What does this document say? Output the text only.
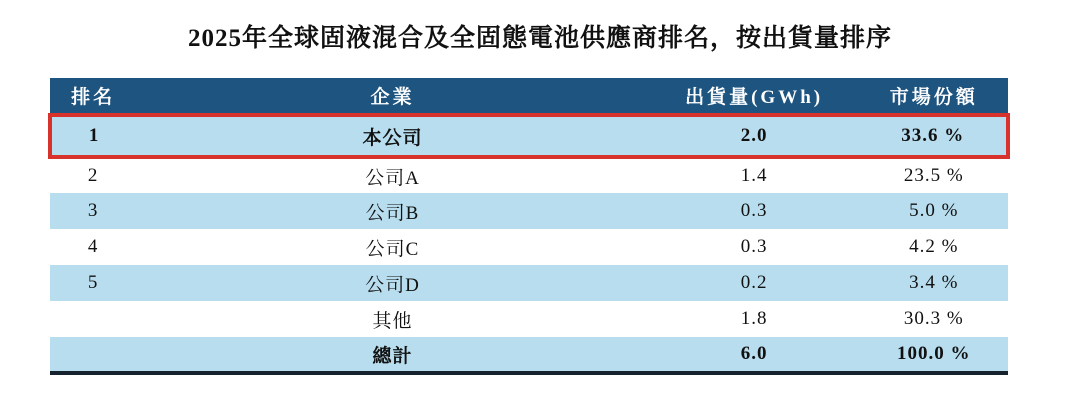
2025年全球固液混合及全固態電池供應商排名，按出貨量排序
排名	企業	出貨量(GWh)	市場份額
1	本公司	2.0	33.6 %
2	公司A	1.4	23.5 %
3	公司B	0.3	5.0 %
4	公司C	0.3	4.2 %
5	公司D	0.2	3.4 %
	其他	1.8	30.3 %
	總計	6.0	100.0 %
